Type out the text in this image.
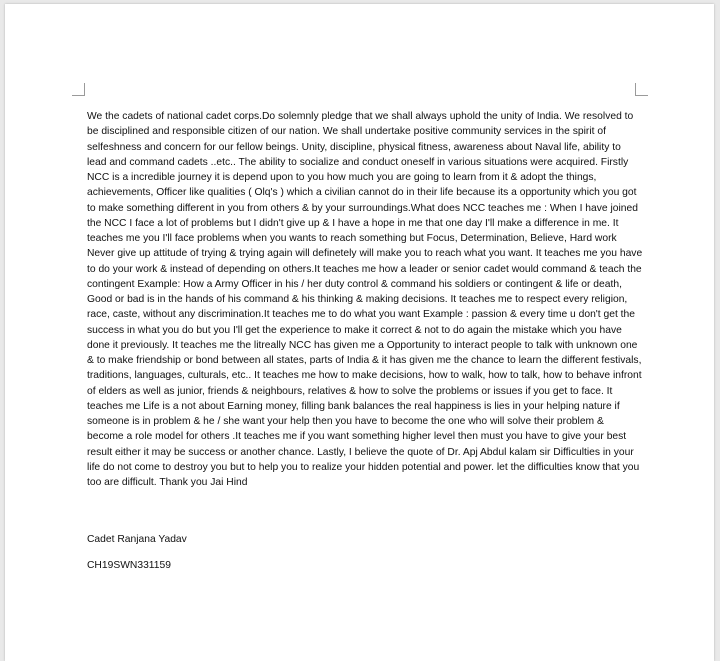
We the cadets of national cadet corps.Do solemnly pledge that we shall always uphold the unity of India. We resolved to be disciplined and responsible citizen of our nation. We shall undertake positive community services in the spirit of selfeshness and concern for our fellow beings. Unity, discipline, physical fitness, awareness about Naval life, ability to lead and command cadets ..etc.. The ability to socialize and conduct oneself in various situations were acquired. Firstly NCC is a incredible journey it is depend upon to you how much you are going to learn from it & adopt the things, achievements, Officer like qualities ( Olq's ) which a civilian cannot do in their life because its a opportunity which you got to make something different in you from others & by your surroundings.What does NCC teaches me : When I have joined the NCC I face a lot of problems but I didn't give up & I have a hope in me that one day I'll make a difference in me. It teaches me you I'll face problems when you wants to reach something but Focus, Determination, Believe, Hard work Never give up attitude of trying & trying again will definetely will make you to reach what you want. It teaches me you have to do your work & instead of depending on others.It teaches me how a leader or senior cadet would command & teach the contingent Example: How a Army Officer in his / her duty control & command his soldiers or contingent & life or death, Good or bad is in the hands of his command & his thinking & making decisions. It teaches me to respect every religion, race, caste, without any discrimination.It teaches me to do what you want Example : passion & every time u don't get the success in what you do but you I'll get the experience to make it correct & not to do again the mistake which you have done it previously. It teaches me the litreally NCC has given me a Opportunity to interact people to talk with unknown one & to make friendship or bond between all states, parts of India & it has given me the chance to learn the different festivals, traditions, languages, culturals, etc.. It teaches me how to make decisions, how to walk, how to talk, how to behave infront of elders as well as junior, friends & neighbours, relatives & how to solve the problems or issues if you get to face. It teaches me Life is a not about Earning money, filling bank balances the real happiness is lies in your helping nature if someone is in problem & he / she want your help then you have to become the one who will solve their problem & become a role model for others .It teaches me if you want something higher level then must you have to give your best result either it may be success or another chance. Lastly, I believe the quote of Dr. Apj Abdul kalam sir Difficulties in your life do not come to destroy you but to help you to realize your hidden potential and power. let the difficulties know that you too are difficult. Thank you Jai Hind

Cadet Ranjana Yadav

CH19SWN331159
